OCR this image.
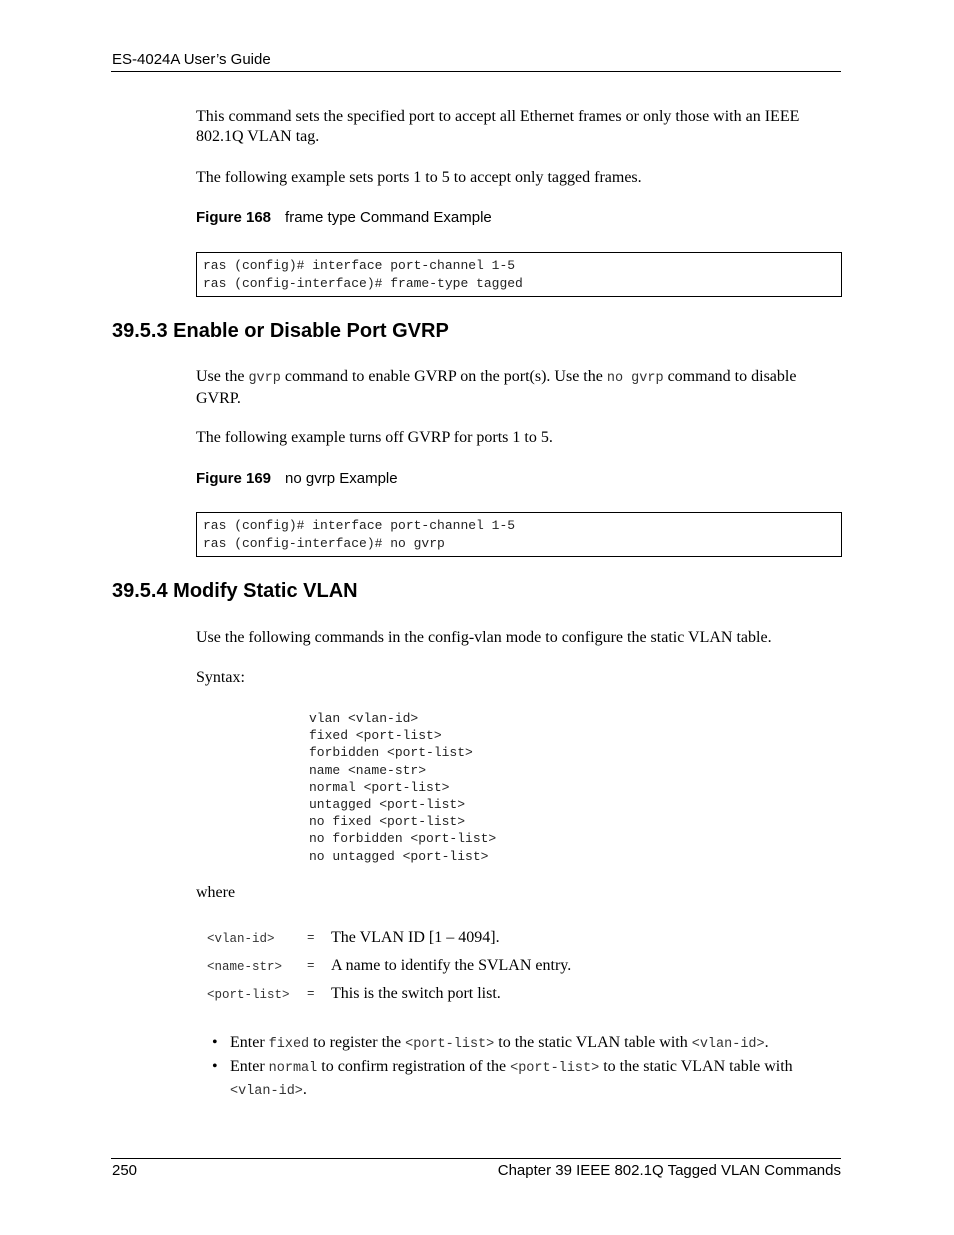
ES-4024A User’s Guide
This command sets the specified port to accept all Ethernet frames or only those with an IEEE 802.1Q VLAN tag.
The following example sets ports 1 to 5 to accept only tagged frames.
Figure 168 frame type Command Example
ras (config)# interface port-channel 1-5
ras (config-interface)# frame-type tagged
39.5.3 Enable or Disable Port GVRP
Use the gvrp command to enable GVRP on the port(s). Use the no gvrp command to disable GVRP.
The following example turns off GVRP for ports 1 to 5.
Figure 169 no gvrp Example
ras (config)# interface port-channel 1-5
ras (config-interface)# no gvrp
39.5.4 Modify Static VLAN
Use the following commands in the config-vlan mode to configure the static VLAN table.
Syntax:
vlan <vlan-id>
fixed <port-list>
forbidden <port-list>
name <name-str>
normal <port-list>
untagged <port-list>
no fixed <port-list>
no forbidden <port-list>
no untagged <port-list>
where
<vlan-id>	= The VLAN ID [1 – 4094].
<name-str> = A name to identify the SVLAN entry.
<port-list> = This is the switch port list.
• Enter fixed to register the <port-list> to the static VLAN table with <vlan-id>.
• Enter normal to confirm registration of the <port-list> to the static VLAN table with <vlan-id>.
250	Chapter 39 IEEE 802.1Q Tagged VLAN Commands
